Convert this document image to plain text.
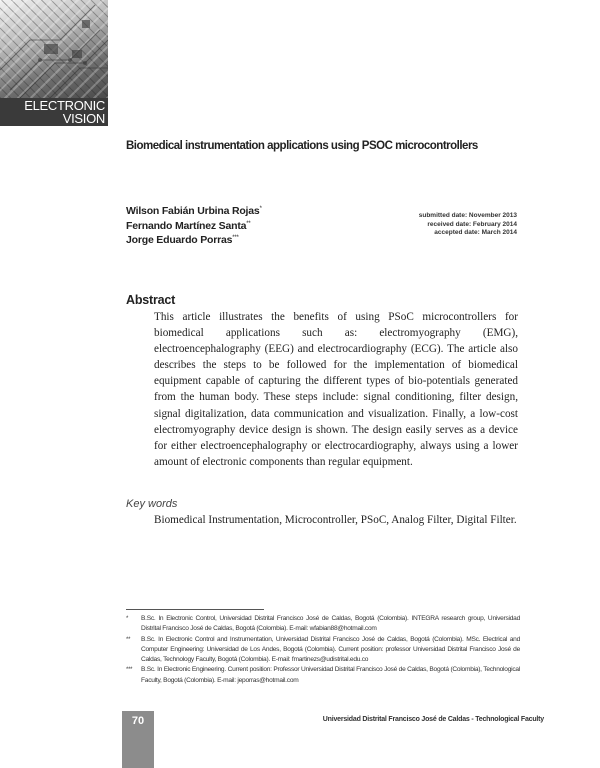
ELECTRONIC
VISION
Biomedical instrumentation applications using PSOC microcontrollers
Wilson Fabián Urbina Rojas*
Fernando Martínez Santa**
Jorge Eduardo Porras***
submitted date: November 2013
received date: February 2014
accepted date: March 2014
Abstract
This article illustrates the benefits of using PSoC microcontrollers for biomedical applications such as: electromyography (EMG), electroencephalography (EEG) and electrocardiography (ECG). The article also describes the steps to be followed for the implementation of biomedical equipment capable of capturing the different types of bio-potentials generated from the human body. These steps include: signal conditioning, filter design, signal digitalization, data communication and visualization. Finally, a low-cost electromyography device design is shown. The design easily serves as a device for either electroencephalography or electrocardiography, always using a lower amount of electronic components than regular equipment.
Key words
Biomedical Instrumentation, Microcontroller, PSoC, Analog Filter, Digital Filter.
* B.Sc. In Electronic Control, Universidad Distrital Francisco José de Caldas, Bogotá (Colombia). INTEGRA research group, Universidad Distrital Francisco José de Caldas, Bogotá (Colombia). E-mail: wfabian88@hotmail.com
** B.Sc. In Electronic Control and Instrumentation, Universidad Distrital Francisco José de Caldas, Bogotá (Colombia). MSc. Electrical and Computer Engineering: Universidad de Los Andes, Bogotá (Colombia). Current position: professor Universidad Distrital Francisco José de Caldas, Technology Faculty, Bogotá (Colombia). E-mail: fmartinezs@udistrital.edu.co
*** B.Sc. In Electronic Engineering. Current position: Professor Universidad Distrital Francisco José de Caldas, Bogotá (Colombia), Technological Faculty, Bogotá (Colombia). E-mail: jeporras@hotmail.com
70	Universidad Distrital Francisco José de Caldas - Technological Faculty
